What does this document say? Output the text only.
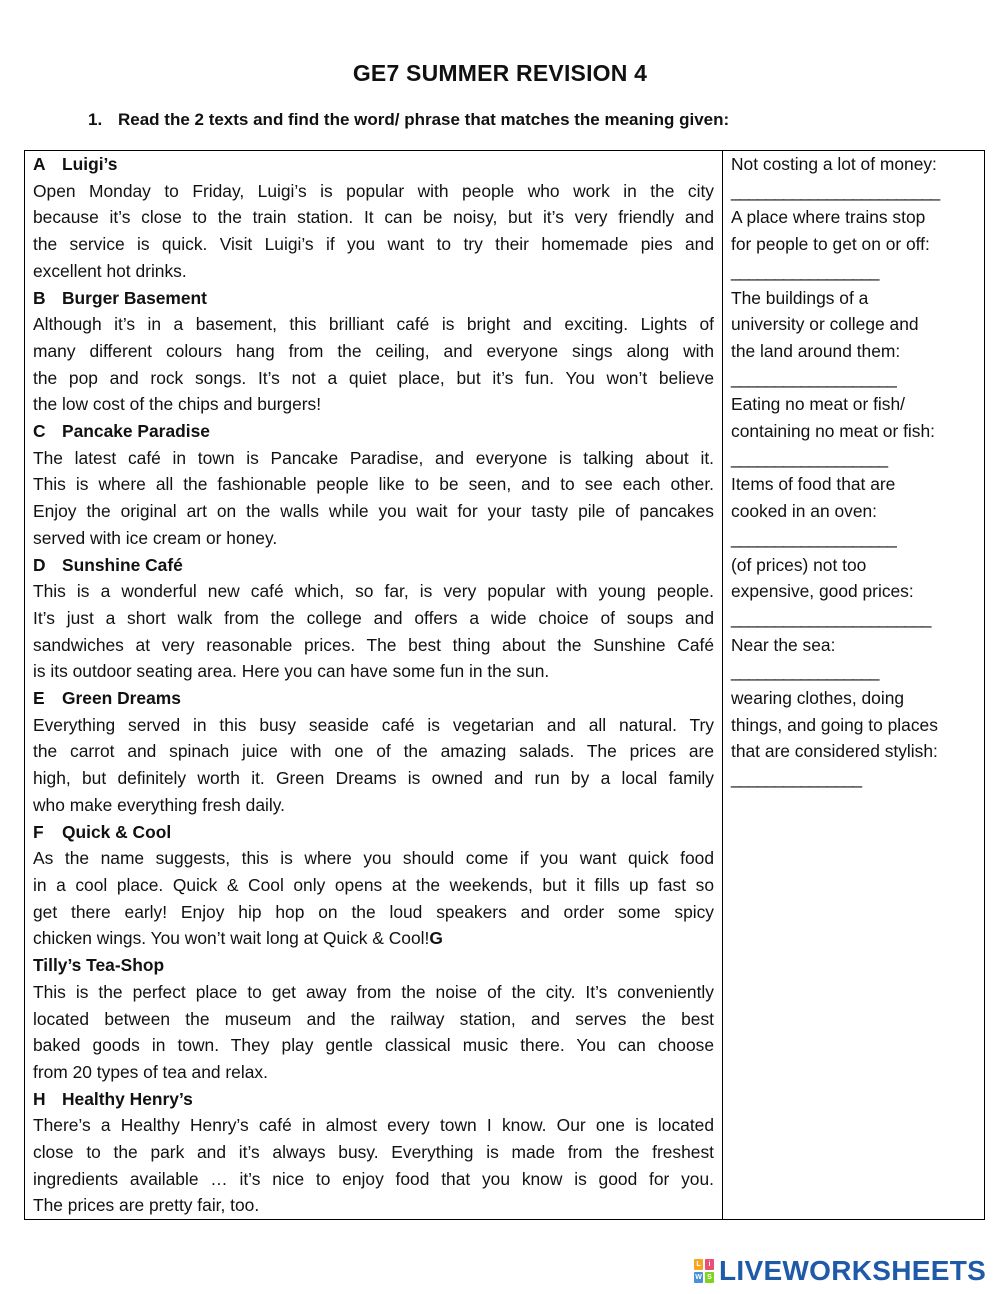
GE7 SUMMER REVISION 4
1. Read the 2 texts and find the word/ phrase that matches the meaning given:
A Luigi’s
Open Monday to Friday, Luigi’s is popular with people who work in the city
because it’s close to the train station. It can be noisy, but it’s very friendly and
the service is quick. Visit Luigi’s if you want to try their homemade pies and
excellent hot drinks.
B Burger Basement
Although it’s in a basement, this brilliant café is bright and exciting. Lights of
many different colours hang from the ceiling, and everyone sings along with
the pop and rock songs. It’s not a quiet place, but it’s fun. You won’t believe
the low cost of the chips and burgers!
C Pancake Paradise
The latest café in town is Pancake Paradise, and everyone is talking about it.
This is where all the fashionable people like to be seen, and to see each other.
Enjoy the original art on the walls while you wait for your tasty pile of pancakes
served with ice cream or honey.
D Sunshine Café
This is a wonderful new café which, so far, is very popular with young people.
It’s just a short walk from the college and offers a wide choice of soups and
sandwiches at very reasonable prices. The best thing about the Sunshine Café
is its outdoor seating area. Here you can have some fun in the sun.
E Green Dreams
Everything served in this busy seaside café is vegetarian and all natural. Try
the carrot and spinach juice with one of the amazing salads. The prices are
high, but definitely worth it. Green Dreams is owned and run by a local family
who make everything fresh daily.
F Quick & Cool
As the name suggests, this is where you should come if you want quick food
in a cool place. Quick & Cool only opens at the weekends, but it fills up fast so
get there early! Enjoy hip hop on the loud speakers and order some spicy
chicken wings. You won’t wait long at Quick & Cool!G
Tilly’s Tea-Shop
This is the perfect place to get away from the noise of the city. It’s conveniently
located between the museum and the railway station, and serves the best
baked goods in town. They play gentle classical music there. You can choose
from 20 types of tea and relax.
H Healthy Henry’s
There’s a Healthy Henry’s café in almost every town I know. Our one is located
close to the park and it’s always busy. Everything is made from the freshest
ingredients available … it’s nice to enjoy food that you know is good for you.
The prices are pretty fair, too.
Not costing a lot of money:
________________________
A place where trains stop
for people to get on or off:
_________________
The buildings of a
university or college and
the land around them:
___________________
Eating no meat or fish/
containing no meat or fish:
__________________
Items of food that are
cooked in an oven:
___________________
(of prices) not too
expensive, good prices:
_______________________
Near the sea:
_________________
wearing clothes, doing
things, and going to places
that are considered stylish:
_______________
L	i
W S LIVEWORKSHEETS
